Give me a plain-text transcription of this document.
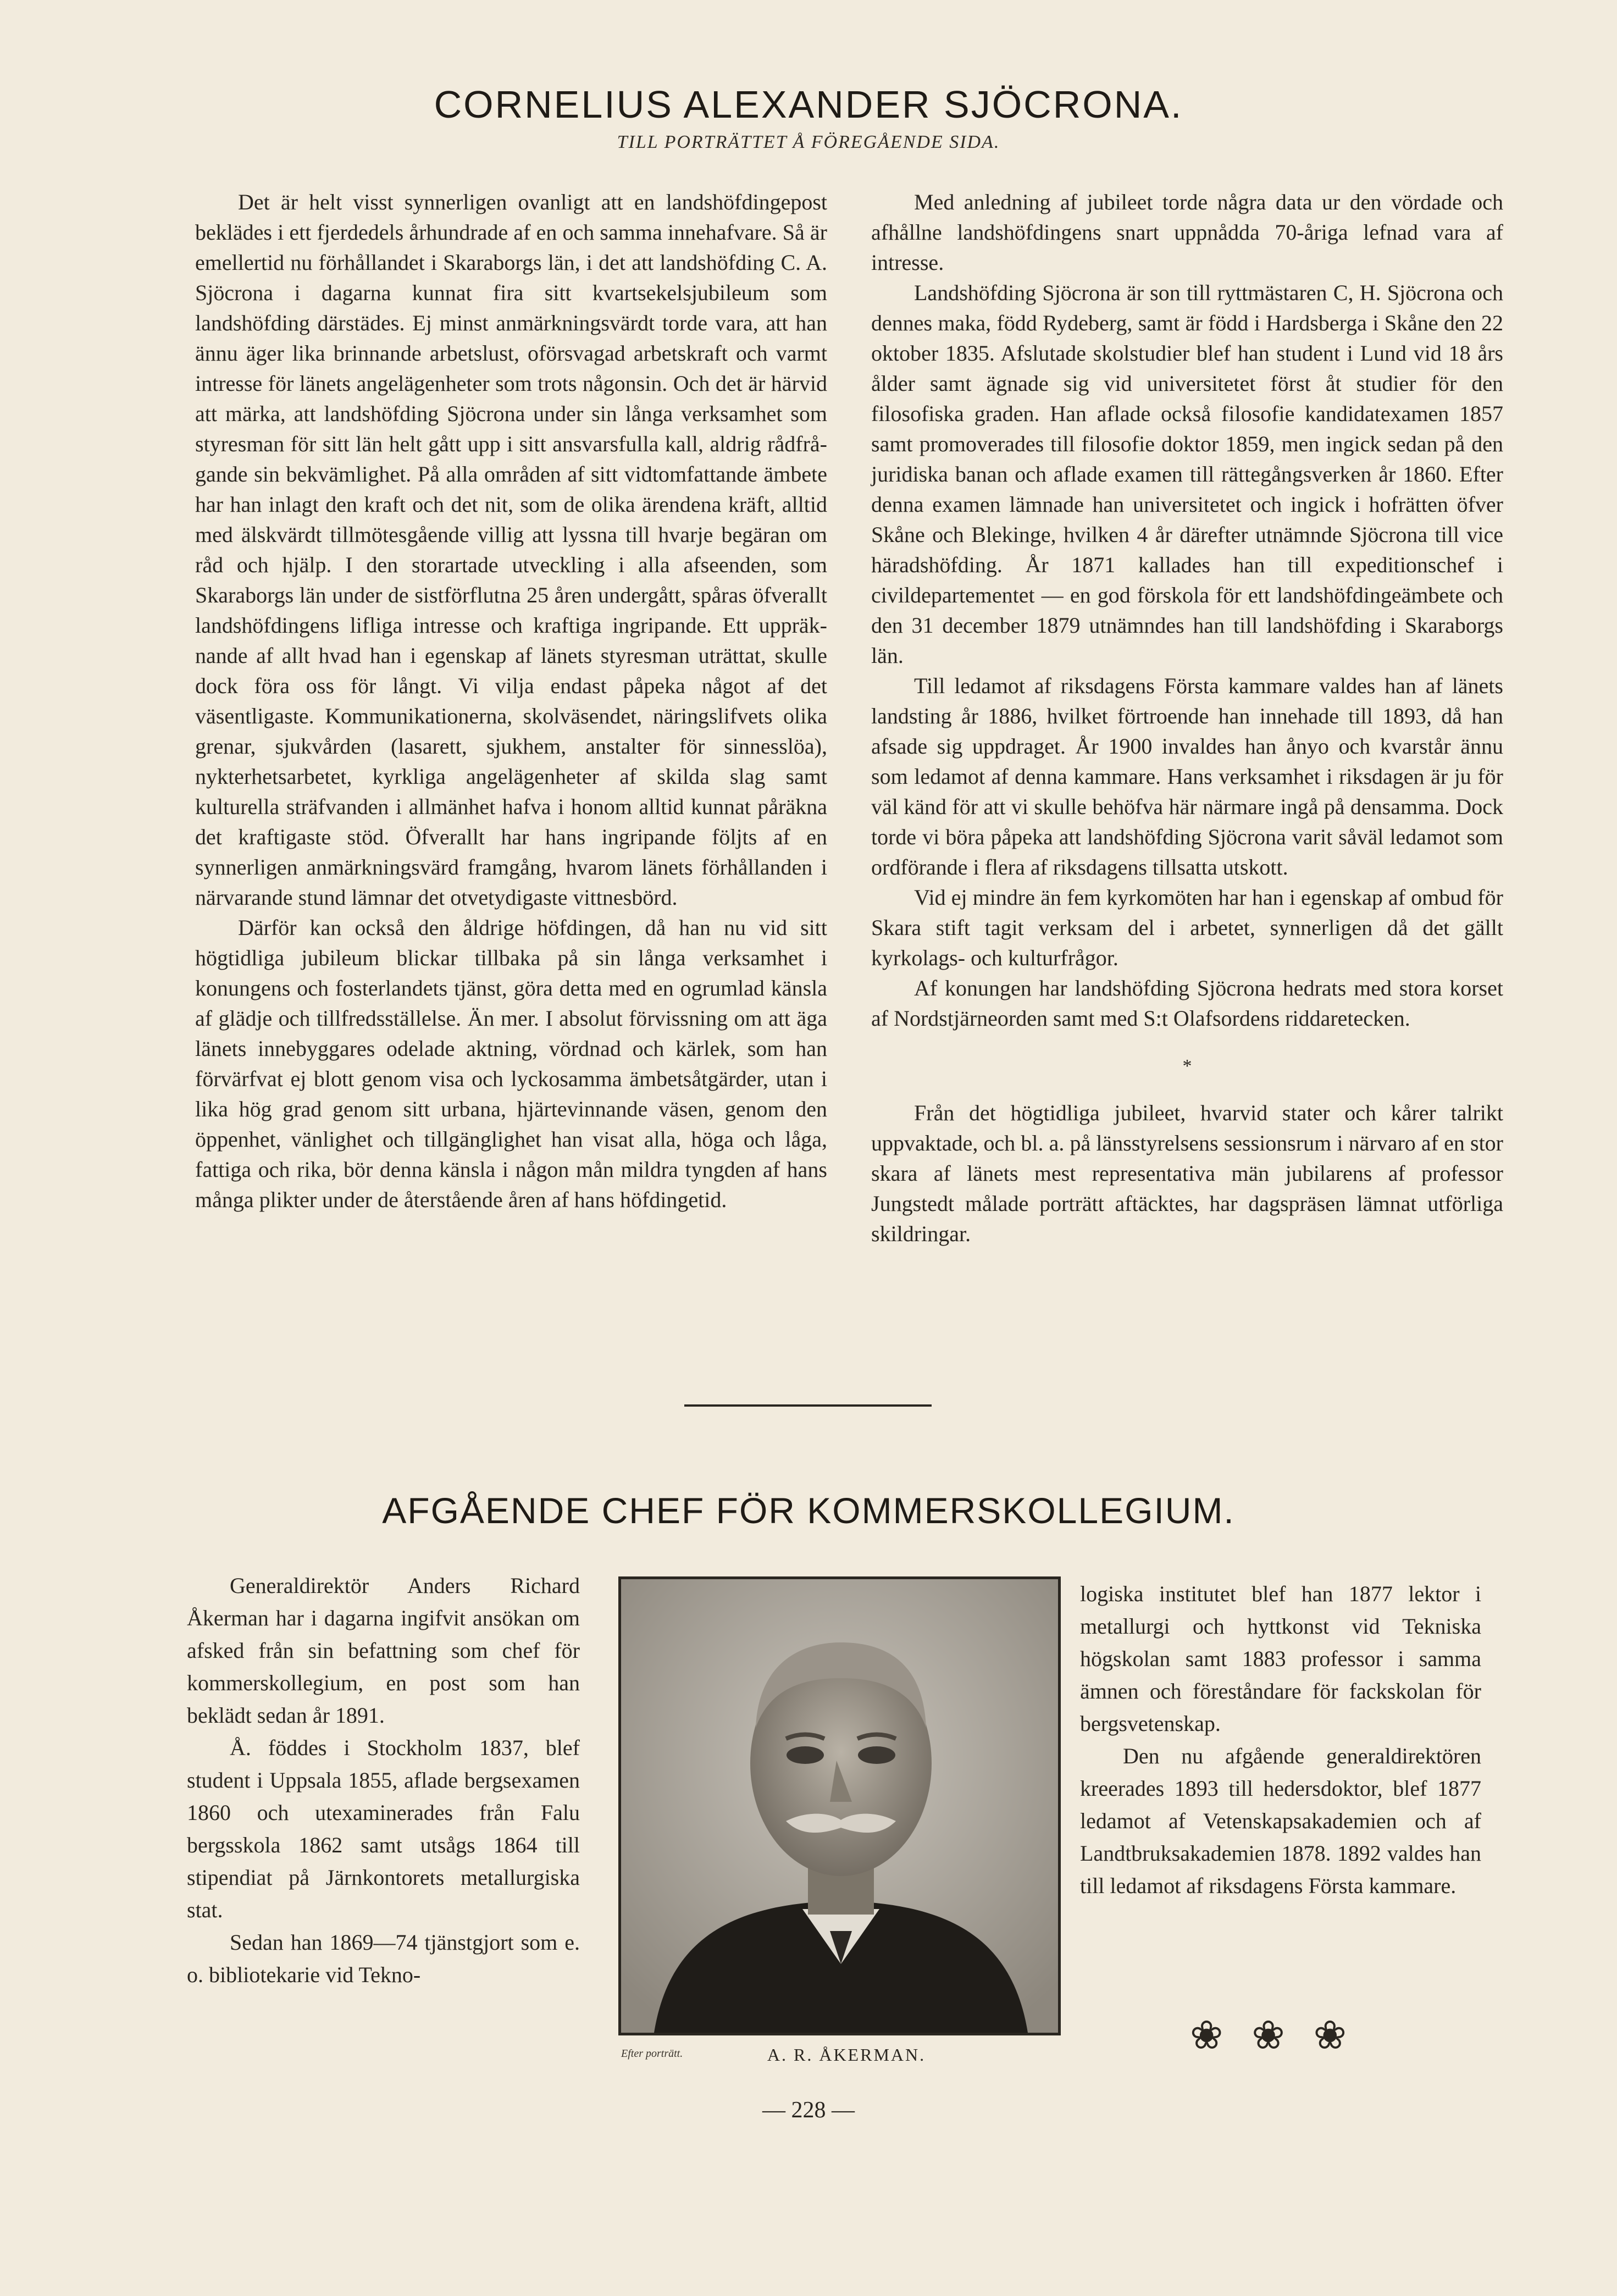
CORNELIUS ALEXANDER SJÖCRONA.
TILL PORTRÄTTET Å FÖREGÅENDE SIDA.

Det är helt visst synnerligen ovanligt att en landshöfdingepost beklädes i ett fjerdedels århundrade af en och samma innehafvare. Så är emellertid nu förhållandet i Skaraborgs län, i det att landshöfding C. A. Sjöcrona i dagarna kunnat fira sitt kvartsekelsjubileum som landshöfding därstädes. Ej minst anmärkningsvärdt torde vara, att han ännu äger lika brinnande arbetslust, oförsvagad arbetskraft och varmt intresse för länets angelägenheter som trots någonsin. Och det är härvid att märka, att landshöfding Sjöcrona under sin långa verksamhet som styresman för sitt län helt gått upp i sitt ansvarsfulla kall, aldrig rådfrågande sin bekvämlighet. På alla områden af sitt vidtomfattande ämbete har han inlagt den kraft och det nit, som de olika ärendena kräft, alltid med älskvärdt tillmötesgående villig att lyssna till hvarje begäran om råd och hjälp. I den storartade utveckling i alla afseenden, som Skaraborgs län under de sistförflutna 25 åren undergått, spåras öfverallt landshöfdingens lifliga intresse och kraftiga ingripande. Ett uppräknande af allt hvad han i egenskap af länets styresman uträttat, skulle dock föra oss för långt. Vi vilja endast påpeka något af det väsentligaste. Kommunikationerna, skolväsendet, näringslifvets olika grenar, sjukvården (lasarett, sjukhem, anstalter för sinnesslöa), nykterhetsarbetet, kyrkliga angelägenheter af skilda slag samt kulturella sträfvanden i allmänhet hafva i honom alltid kunnat påräkna det kraftigaste stöd. Öfverallt har hans ingripande följts af en synnerligen anmärkningsvärd framgång, hvarom länets förhållanden i närvarande stund lämnar det otvetydigaste vittnesbörd.

Därför kan också den åldrige höfdingen, då han nu vid sitt högtidliga jubileum blickar tillbaka på sin långa verksamhet i konungens och fosterlandets tjänst, göra detta med en ogrumlad känsla af glädje och tillfredsställelse. Än mer. I absolut förvissning om att äga länets innebyggares odelade aktning, vördnad och kärlek, som han förvärfvat ej blott genom visa och lyckosamma ämbetsåtgärder, utan i lika hög grad genom sitt urbana, hjärtevinnande väsen, genom den öppenhet, vänlighet och tillgänglighet han visat alla, höga och låga, fattiga och rika, bör denna känsla i någon mån mildra tyngden af hans många plikter under de återstående åren af hans höfdingetid.

Med anledning af jubileet torde några data ur den vördade och afhållne landshöfdingens snart uppnådda 70-åriga lefnad vara af intresse.

Landshöfding Sjöcrona är son till ryttmästaren C, H. Sjöcrona och dennes maka, född Rydeberg, samt är född i Hardsberga i Skåne den 22 oktober 1835. Afslutade skolstudier blef han student i Lund vid 18 års ålder samt ägnade sig vid universitetet först åt studier för den filosofiska graden. Han aflade också filosofie kandidatexamen 1857 samt promoverades till filosofie doktor 1859, men ingick sedan på den juridiska banan och aflade examen till rättegångsverken år 1860. Efter denna examen lämnade han universitetet och ingick i hofrätten öfver Skåne och Blekinge, hvilken 4 år därefter utnämnde Sjöcrona till vice häradshöfding. År 1871 kallades han till expeditionschef i civildepartementet — en god förskola för ett landshöfdingeämbete och den 31 december 1879 utnämndes han till landshöfding i Skaraborgs län.

Till ledamot af riksdagens Första kammare valdes han af länets landsting år 1886, hvilket förtroende han innehade till 1893, då han afsade sig uppdraget. År 1900 invaldes han ånyo och kvarstår ännu som ledamot af denna kammare. Hans verksamhet i riksdagen är ju för väl känd för att vi skulle behöfva här närmare ingå på densamma. Dock torde vi böra påpeka att landshöfding Sjöcrona varit såväl ledamot som ordförande i flera af riksdagens tillsatta utskott.

Vid ej mindre än fem kyrkomöten har han i egenskap af ombud för Skara stift tagit verksam del i arbetet, synnerligen då det gällt kyrkolags- och kulturfrågor.

Af konungen har landshöfding Sjöcrona hedrats med stora korset af Nordstjärneorden samt med S:t Olafsordens riddaretecken.

*

Från det högtidliga jubileet, hvarvid stater och kårer talrikt uppvaktade, och bl. a. på länsstyrelsens sessionsrum i närvaro af en stor skara af länets mest representativa män jubilarens af professor Jungstedt målade porträtt aftäcktes, har dagspräsen lämnat utförliga skildringar.

AFGÅENDE CHEF FÖR KOMMERSKOLLEGIUM.

Generaldirektör Anders Richard Åkerman har i dagarna ingifvit ansökan om afsked från sin befattning som chef för kommerskollegium, en post som han beklädt sedan år 1891.

Å. föddes i Stockholm 1837, blef student i Uppsala 1855, aflade bergsexamen 1860 och utexaminerades från Falu bergsskola 1862 samt utsågs 1864 till stipendiat på Järnkontorets metallurgiska stat.

Sedan han 1869—74 tjänstgjort som e. o. bibliotekarie vid Tekno-

Efter porträtt.	A. R. ÅKERMAN.

logiska institutet blef han 1877 lektor i metallurgi och hyttkonst vid Tekniska högskolan samt 1883 professor i samma ämnen och föreståndare för fackskolan för bergsvetenskap.

Den nu afgående generaldirektören kreerades 1893 till hedersdoktor, blef 1877 ledamot af Vetenskapsakademien och af Landtbruksakademien 1878. 1892 valdes han till ledamot af riksdagens Första kammare.

❀❀❀
— 228 —
